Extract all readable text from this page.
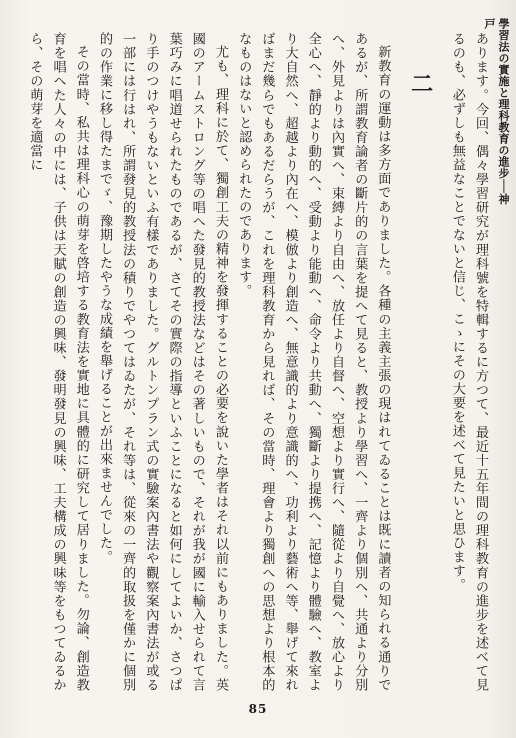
學習法の實施と理科教育の進步──神戸

あります。今回、偶々學習研究が理科號を特輯するに方つて、最近十五年間の理科教育の進步を述べて見るのも、必ずしも無益なことでないと信じ、こゝにその大要を述べて見たいと思ひます。

二

新教育の運動は多方面でありました。各種の主義主張の現はれてゐることは既に讀者の知られる通りであるが、所謂教育論者の斷片的の言葉を提へて見ると、教授より學習へ、一齊より個別へ、共通より分別へ、外見よりは內實へ、束縛より自由へ、放任より自督へ、空想より實行へ、隨從より自覺へ、放心より全心へ、靜的より動的へ、受動より能動へ、命令より共動へ、獨斷より提携へ、記憶より體驗へ、教室より大自然へ、超越より內在へ、模倣より創造へ、無意識的より意識的へ、功利より藝術へ等、舉げて來ればまだ幾らでもあるだらうが、これを理科教育から見れば、その當時、理會より獨創への思想より根本的なものはないと認められたのであります。

尤も、理科に於て、獨創工夫の精神を發揮することの必要を說いた學者はそれ以前にもありました。英國のアームストロング等の唱へた發見的教授法などはその著しいもので、それが我が國に輸入せられて言葉巧みに唱道せられたものであるが、さてその實際の指導といふことになると如何にしてよいか、さつぱり手のつけやうもないといふ有樣でありました。グルトンプラン式の實驗案內書法や觀察案內書法が或る一部には行はれ、所謂發見的教授法の積りでやつてはゐたが、それ等は、從來の一齊的取扱を僅かに個別的の作業に移し得たまでゞ、豫期したやうな成績を舉げることが出來ませんでした。

その當時、私共は理科心の萌芽を啓培する教育法を實地に具體的に研究して居りました。勿論、創造教育を唱へた人々の中には、子供は天賦の創造の興味、發明發見の興味、工夫構成の興味等をもつてゐるから、その萌芽を適當に

85
